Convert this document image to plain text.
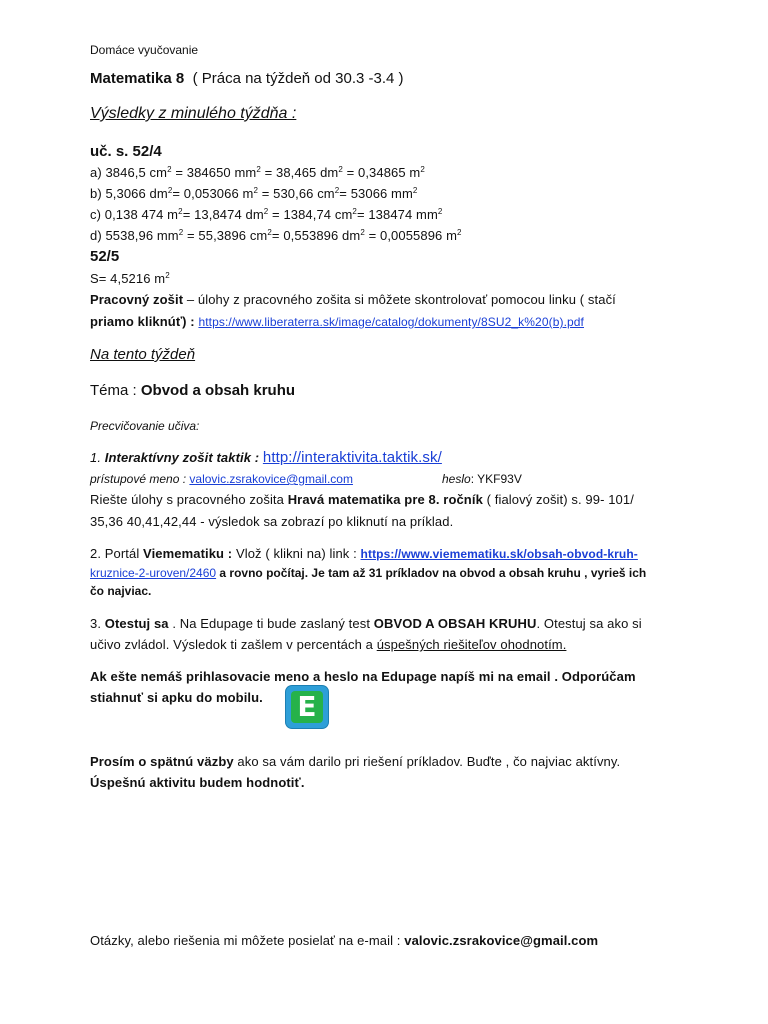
Domáce vyučovanie
Matematika 8 ( Práca na týždeň od 30.3 -3.4 )
Výsledky z minulého týždňa :
uč. s. 52/4
a) 3846,5 $cm^2 = 384650$ $mm^2 = 38,465$ $dm^2 = 0,34865$ $m^2$
b) 5,3066 $dm^2= 0,053066$ $m^2 = 530,66$ $cm^2= 53066$ $mm^2$
c) 0,138 474 $m^2= 13,8474$ $dm^2 = 1384,74$ $cm^2= 138474$ $mm^2$
d) 5538,96 $mm^2 = 55,3896$ $cm^2= 0,553896$ $dm^2 = 0,0055896$ $m^2$
52/5
S= 4,5216 $m^2$
Pracovný zošit – úlohy z pracovného zošita si môžete skontrolovať pomocou linku ( stačí
priamo kliknúť) : https://www.liberaterra.sk/image/catalog/dokumenty/8SU2_k%20(b).pdf
Na tento týždeň
Téma : Obvod a obsah kruhu
Precvičovanie učiva:
1. Interaktívny zošit taktik : http://interaktivita.taktik.sk/
prístupové meno : valovic.zsrakovice@gmail.com	heslo: YKF93V
Riešte úlohy s pracovného zošita Hravá matematika pre 8. ročník ( fialový zošit) s. 99- 101/
35,36 40,41,42,44 - výsledok sa zobrazí po kliknutí na príklad.
2. Portál Viemematiku : Vlož ( klikni na) link : https://www.viemematiku.sk/obsah-obvod-kruh-
kruznice-2-uroven/2460 a rovno počítaj. Je tam až 31 príkladov na obvod a obsah kruhu , vyrieš ich
čo najviac.
3. Otestuj sa . Na Edupage ti bude zaslaný test OBVOD A OBSAH KRUHU. Otestuj sa ako si
učivo zvládol. Výsledok ti zašlem v percentách a úspešných riešiteľov ohodnotím.
Ak ešte nemáš prihlasovacie meno a heslo na Edupage napíš mi na email . Odporúčam
stiahnuť si apku do mobilu. E
Prosím o spätnú väzby ako sa vám darilo pri riešení príkladov. Buďte , čo najviac aktívny.
Úspešnú aktivitu budem hodnotiť.
Otázky, alebo riešenia mi môžete posielať na e-mail : valovic.zsrakovice@gmail.com
